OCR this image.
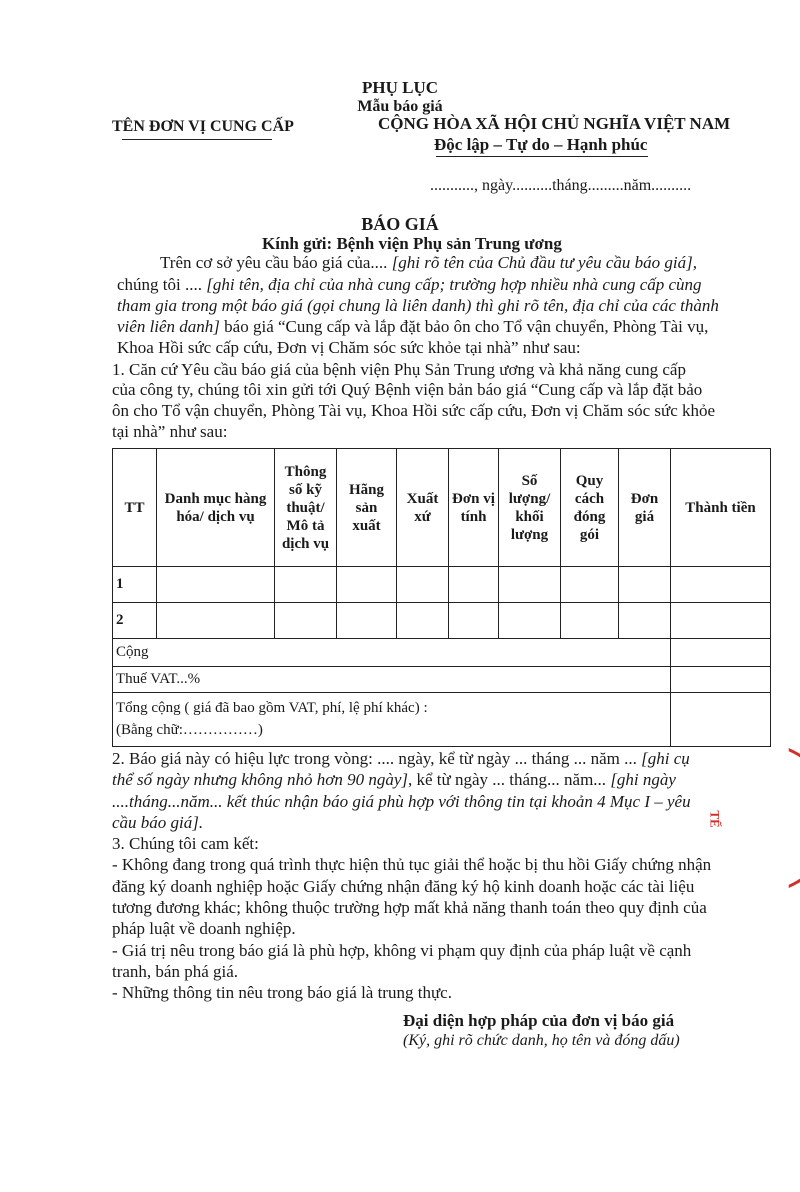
PHỤ LỤC
Mẫu báo giá
TÊN ĐƠN VỊ CUNG CẤP	CỘNG HÒA XÃ HỘI CHỦ NGHĨA VIỆT NAM
Độc lập – Tự do – Hạnh phúc
..........., ngày..........tháng.........năm..........
BÁO GIÁ
Kính gửi: Bệnh viện Phụ sản Trung ương
Trên cơ sở yêu cầu báo giá của.... [ghi rõ tên của Chủ đầu tư yêu cầu báo giá],
chúng tôi .... [ghi tên, địa chỉ của nhà cung cấp; trường hợp nhiều nhà cung cấp cùng
tham gia trong một báo giá (gọi chung là liên danh) thì ghi rõ tên, địa chỉ của các thành
viên liên danh] báo giá “Cung cấp và lắp đặt bảo ôn cho Tổ vận chuyển, Phòng Tài vụ,
Khoa Hồi sức cấp cứu, Đơn vị Chăm sóc sức khỏe tại nhà” như sau:
1. Căn cứ Yêu cầu báo giá của bệnh viện Phụ Sản Trung ương và khả năng cung cấp
của công ty, chúng tôi xin gửi tới Quý Bệnh viện bản báo giá “Cung cấp và lắp đặt bảo
ôn cho Tổ vận chuyển, Phòng Tài vụ, Khoa Hồi sức cấp cứu, Đơn vị Chăm sóc sức khỏe
tại nhà” như sau:
TT	Danh mục hàng hóa/ dịch vụ	Thông số kỹ thuật/ Mô tả dịch vụ	Hãng sản xuất	Xuất xứ	Đơn vị tính	Số lượng/ khối lượng	Quy cách đóng gói	Đơn giá	Thành tiền
1									
2									
Cộng									
Thuế VAT...%									

Tổng cộng ( giá đã bao gồm VAT, phí, lệ phí khác) :
(Bằng chữ:……………)									

2. Báo giá này có hiệu lực trong vòng: .... ngày, kể từ ngày ... tháng ... năm ... [ghi cụ
thể số ngày nhưng không nhỏ hơn 90 ngày], kể từ ngày ... tháng... năm... [ghi ngày
....tháng...năm... kết thúc nhận báo giá phù hợp với thông tin tại khoản 4 Mục I – yêu
cầu báo giá].
3. Chúng tôi cam kết:
- Không đang trong quá trình thực hiện thủ tục giải thể hoặc bị thu hồi Giấy chứng nhận
đăng ký doanh nghiệp hoặc Giấy chứng nhận đăng ký hộ kinh doanh hoặc các tài liệu
tương đương khác; không thuộc trường hợp mất khả năng thanh toán theo quy định của
pháp luật về doanh nghiệp.
- Giá trị nêu trong báo giá là phù hợp, không vi phạm quy định của pháp luật về cạnh
tranh, bán phá giá.
- Những thông tin nêu trong báo giá là trung thực.
Đại diện hợp pháp của đơn vị báo giá
(Ký, ghi rõ chức danh, họ tên và đóng dấu)
TẾ
